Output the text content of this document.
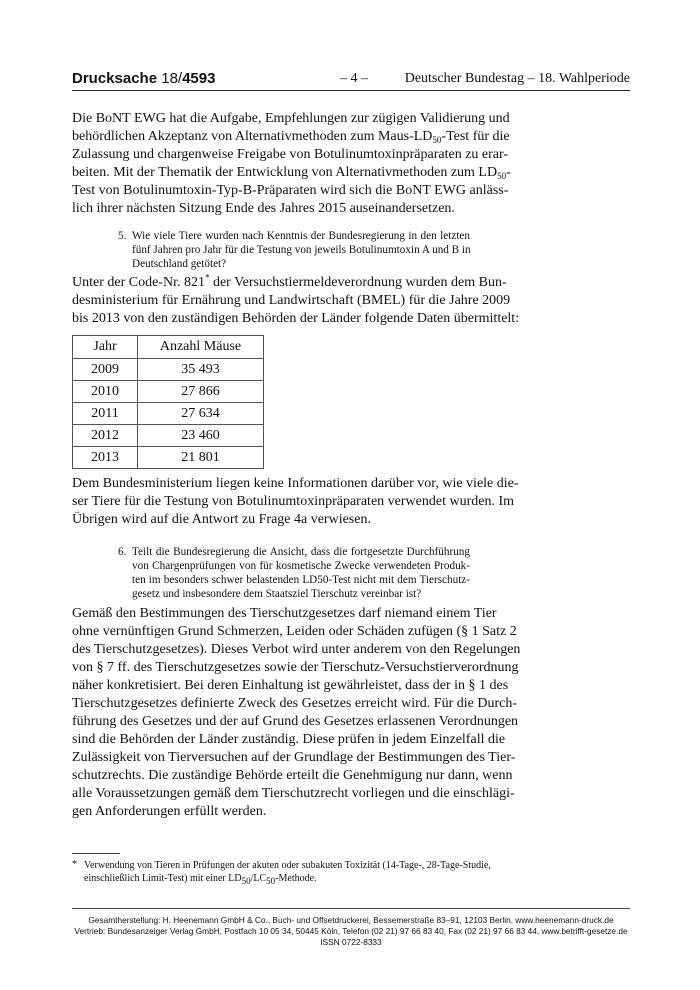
Drucksache 18/4593	– 4 –	Deutscher Bundestag – 18. Wahlperiode
Die BoNT EWG hat die Aufgabe, Empfehlungen zur zügigen Validierung und
behördlichen Akzeptanz von Alternativmethoden zum Maus-$LD_{50}$-Test für die
Zulassung und chargenweise Freigabe von Botulinumtoxinpräparaten zu erar-
beiten. Mit der Thematik der Entwicklung von Alternativmethoden zum $LD_{50}-$
Test von Botulinumtoxin-Typ-B-Präparaten wird sich die BoNT EWG anläss-
lich ihrer nächsten Sitzung Ende des Jahres 2015 auseinandersetzen.
5. Wie viele Tiere wurden nach Kenntnis der Bundesregierung in den letzten
fünf Jahren pro Jahr für die Testung von jeweils Botulinumtoxin A und B in
Deutschland getötet?
Unter der Code-Nr. 821* der Versuchstiermeldeverordnung wurden dem Bun-
desministerium für Ernährung und Landwirtschaft (BMEL) für die Jahre 2009
bis 2013 von den zuständigen Behörden der Länder folgende Daten übermittelt:
Jahr	Anzahl Mäuse
2009	35 493
2010	27 866
2011	27 634
2012	23 460
2013	21 801
Dem Bundesministerium liegen keine Informationen darüber vor, wie viele die-
ser Tiere für die Testung von Botulinumtoxinpräparaten verwendet wurden. Im
Übrigen wird auf die Antwort zu Frage 4a verwiesen.
6. Teilt die Bundesregierung die Ansicht, dass die fortgesetzte Durchführung
von Chargenprüfungen von für kosmetische Zwecke verwendeten Produk-
ten im besonders schwer belastenden LD50-Test nicht mit dem Tierschutz-
gesetz und insbesondere dem Staatsziel Tierschutz vereinbar ist?
Gemäß den Bestimmungen des Tierschutzgesetzes darf niemand einem Tier
ohne vernünftigen Grund Schmerzen, Leiden oder Schäden zufügen (§ 1 Satz 2
des Tierschutzgesetzes). Dieses Verbot wird unter anderem von den Regelungen
von § 7 ff. des Tierschutzgesetzes sowie der Tierschutz-Versuchstierverordnung
näher konkretisiert. Bei deren Einhaltung ist gewährleistet, dass der in § 1 des
Tierschutzgesetzes definierte Zweck des Gesetzes erreicht wird. Für die Durch-
führung des Gesetzes und der auf Grund des Gesetzes erlassenen Verordnungen
sind die Behörden der Länder zuständig. Diese prüfen in jedem Einzelfall die
Zulässigkeit von Tierversuchen auf der Grundlage der Bestimmungen des Tier-
schutzrechts. Die zuständige Behörde erteilt die Genehmigung nur dann, wenn
alle Voraussetzungen gemäß dem Tierschutzrecht vorliegen und die einschlägi-
gen Anforderungen erfüllt werden.
* Verwendung von Tieren in Prüfungen der akuten oder subakuten Toxizität (14-Tage-, 28-Tage-Studie,
einschließlich Limit-Test) mit einer $LD_{50}/LC_{50}$-Methode.
Gesamtherstellung: H. Heenemann GmbH & Co., Buch- und Offsetdruckerei, Bessemerstraße 83–91, 12103 Berlin, www.heenemann-druck.de
Vertrieb: Bundesanzeiger Verlag GmbH, Postfach 10 05 34, 50445 Köln, Telefon (02 21) 97 66 83 40, Fax (02 21) 97 66 83 44, www.betrifft-gesetze.de
ISSN 0722-8333
